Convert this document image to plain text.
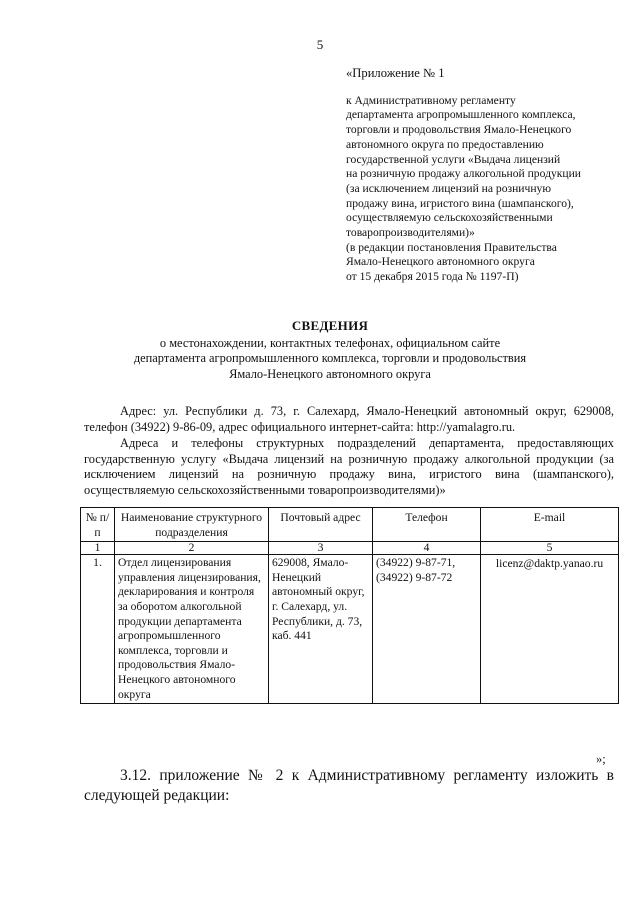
5
«Приложение № 1
к Административному регламенту
департамента агропромышленного комплекса,
торговли и продовольствия Ямало-Ненецкого
автономного округа по предоставлению
государственной услуги «Выдача лицензий
на розничную продажу алкогольной продукции
(за исключением лицензий на розничную
продажу вина, игристого вина (шампанского),
осуществляемую сельскохозяйственными
товаропроизводителями)»
(в редакции постановления Правительства
Ямало-Ненецкого автономного округа
от 15 декабря 2015 года № 1197-П)
СВЕДЕНИЯ
о местонахождении, контактных телефонах, официальном сайте
департамента агропромышленного комплекса, торговли и продовольствия
Ямало-Ненецкого автономного округа
Адрес: ул. Республики д. 73, г. Салехард, Ямало-Ненецкий автономный округ, 629008, телефон (34922) 9-86-09, адрес официального интернет-сайта: http://yamalagro.ru.
Адреса и телефоны структурных подразделений департамента, предоставляющих государственную услугу «Выдача лицензий на розничную продажу алкогольной продукции (за исключением лицензий на розничную продажу вина, игристого вина (шампанского), осуществляемую сельскохозяйственными товаропроизводителями)»
№ п/п	Наименование структурного подразделения	Почтовый адрес	Телефон	E-mail
1	2	3	4	5
1.	Отдел лицензирования управления лицензирования, декларирования и контроля за оборотом алкогольной продукции департамента агропромышленного комплекса, торговли и продовольствия Ямало-Ненецкого автономного округа	629008, Ямало-Ненецкий автономный округ, г. Салехард, ул. Республики, д. 73, каб. 441	(34922) 9-87-71, (34922) 9-87-72	licenz@daktp.yanao.ru
»;
3.12. приложение № 2 к Административному регламенту изложить в следующей редакции:
